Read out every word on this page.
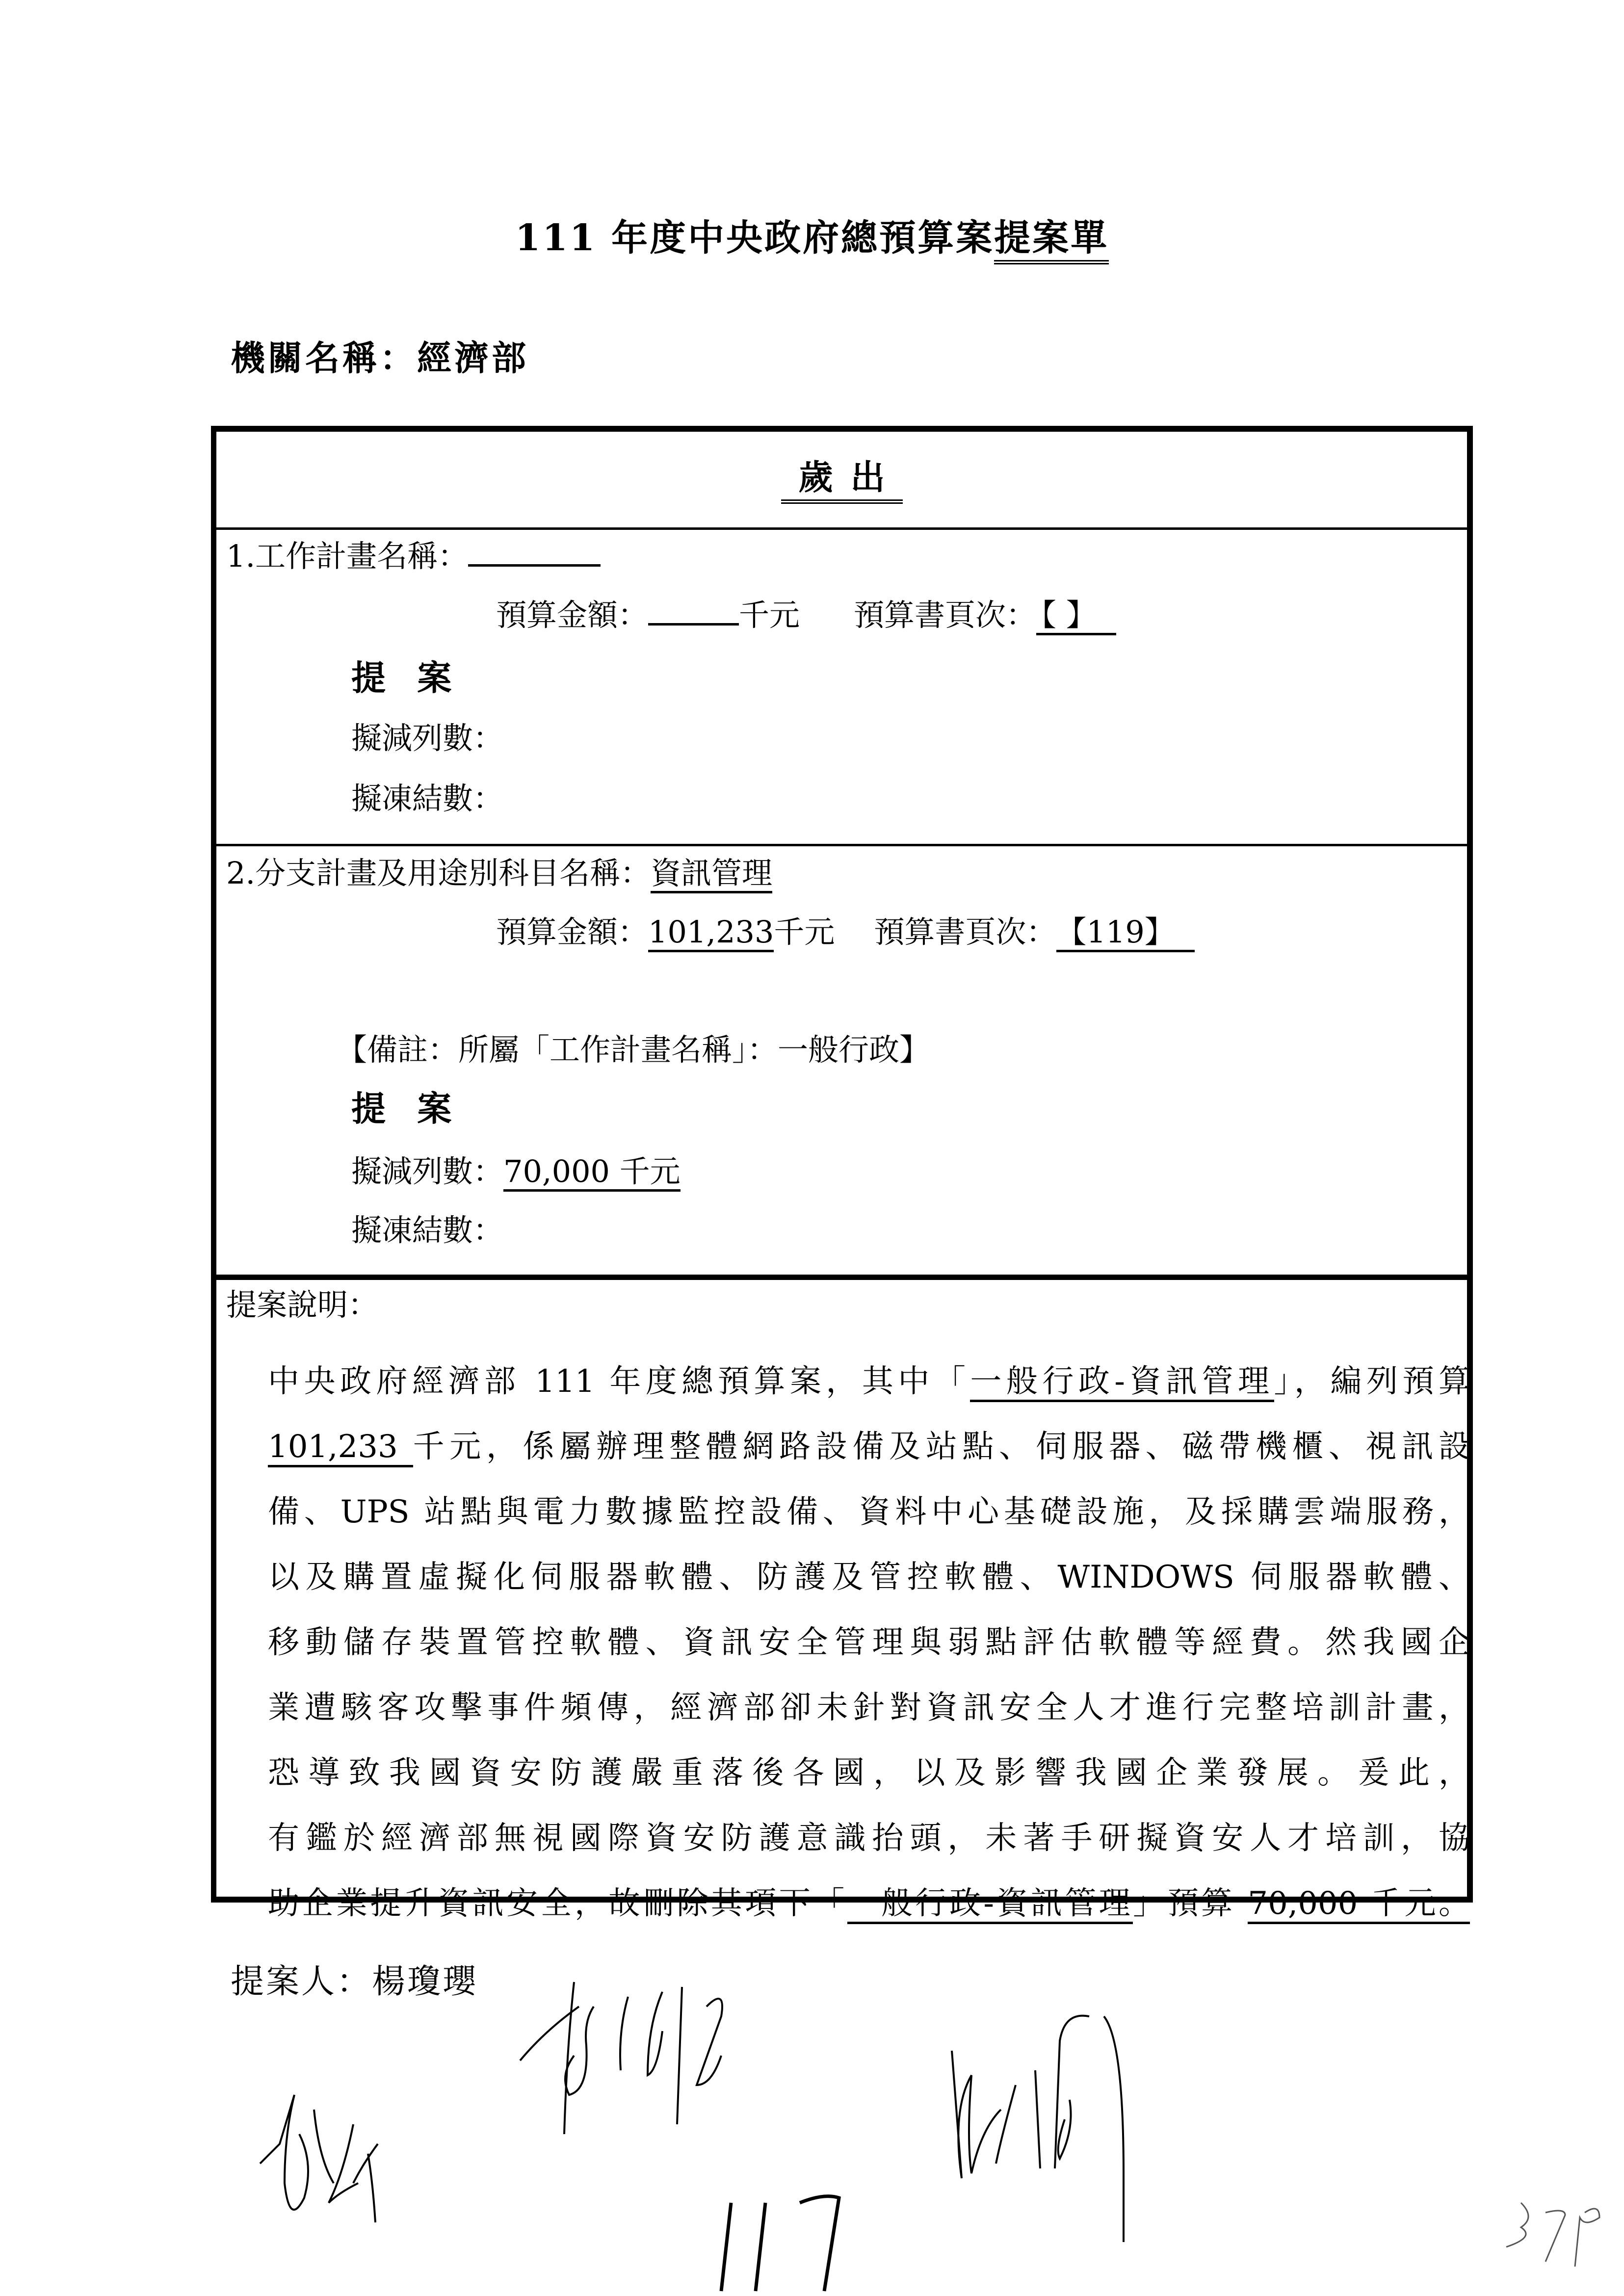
111 年度中央政府總預算案提案單
機關名稱：經濟部
歲出
1.工作計畫名稱：
預算金額：	千元 預算書頁次： 【 】
提 案
擬減列數：
擬凍結數：
2.分支計畫及用途別科目名稱：資訊管理
預算金額：101,233千元 預算書頁次： 【119】
【備註：所屬「工作計畫名稱」：一般行政】
提 案
擬減列數：70,000 千元
擬凍結數：
提案說明：
中央政府經濟部 111 年度總預算案，其中「一般行政-資訊管理」，編列預算
101,233 千元，係屬辦理整體網路設備及站點、伺服器、磁帶機櫃、視訊設
備、UPS 站點與電力數據監控設備、資料中心基礎設施，及採購雲端服務，
以及購置虛擬化伺服器軟體、防護及管控軟體、WINDOWS 伺服器軟體、
移動儲存裝置管控軟體、資訊安全管理與弱點評估軟體等經費。然我國企
業遭駭客攻擊事件頻傳，經濟部卻未針對資訊安全人才進行完整培訓計畫，
恐導致我國資安防護嚴重落後各國，以及影響我國企業發展。爰此，
有鑑於經濟部無視國際資安防護意識抬頭，未著手研擬資安人才培訓，協
助企業提升資訊安全，故刪除其項下「一般行政-資訊管理」預算 70,000 千元。
提案人：楊瓊瓔
